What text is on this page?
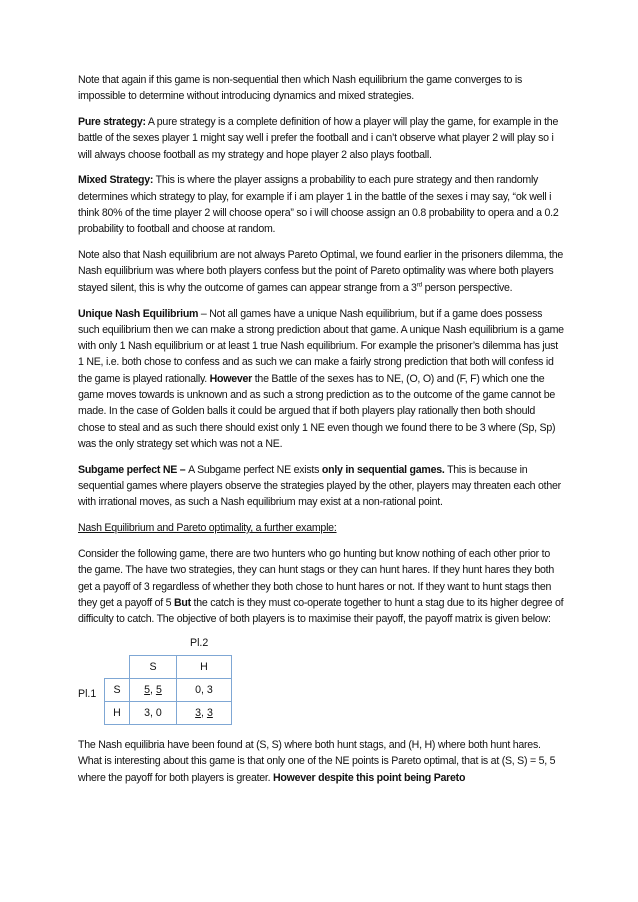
Note that again if this game is non-sequential then which Nash equilibrium the game converges to is impossible to determine without introducing dynamics and mixed strategies.

Pure strategy: A pure strategy is a complete definition of how a player will play the game, for example in the battle of the sexes player 1 might say well i prefer the football and i can’t observe what player 2 will play so i will always choose football as my strategy and hope player 2 also plays football.

Mixed Strategy: This is where the player assigns a probability to each pure strategy and then randomly determines which strategy to play, for example if i am player 1 in the battle of the sexes i may say, “ok well i think 80% of the time player 2 will choose opera” so i will choose assign an 0.8 probability to opera and a 0.2 probability to football and choose at random.

Note also that Nash equilibrium are not always Pareto Optimal, we found earlier in the prisoners dilemma, the Nash equilibrium was where both players confess but the point of Pareto optimality was where both players stayed silent, this is why the outcome of games can appear strange from a 3rd person perspective.

Unique Nash Equilibrium – Not all games have a unique Nash equilibrium, but if a game does possess such equilibrium then we can make a strong prediction about that game. A unique Nash equilibrium is a game with only 1 Nash equilibrium or at least 1 true Nash equilibrium. For example the prisoner’s dilemma has just 1 NE, i.e. both chose to confess and as such we can make a fairly strong prediction that both will confess id the game is played rationally. However the Battle of the sexes has to NE, (O, O) and (F, F) which one the game moves towards is unknown and as such a strong prediction as to the outcome of the game cannot be made. In the case of Golden balls it could be argued that if both players play rationally then both should chose to steal and as such there should exist only 1 NE even though we found there to be 3 where (Sp, Sp) was the only strategy set which was not a NE.

Subgame perfect NE – A Subgame perfect NE exists only in sequential games. This is because in sequential games where players observe the strategies played by the other, players may threaten each other with irrational moves, as such a Nash equilibrium may exist at a non-rational point.

Nash Equilibrium and Pareto optimality, a further example:

Consider the following game, there are two hunters who go hunting but know nothing of each other prior to the game. The have two strategies, they can hunt stags or they can hunt hares. If they hunt hares they both get a payoff of 3 regardless of whether they both chose to hunt hares or not. If they want to hunt stags then they get a payoff of 5 But the catch is they must co-operate together to hunt a stag due to its higher degree of difficulty to catch. The objective of both players is to maximise their payoff, the payoff matrix is given below:

Pl.2
Pl.1
	S	H
S	5, 5	0, 3
H	3, 0	3, 3

The Nash equilibria have been found at (S, S) where both hunt stags, and (H, H) where both hunt hares. What is interesting about this game is that only one of the NE points is Pareto optimal, that is at (S, S) = 5, 5 where the payoff for both players is greater. However despite this point being Pareto
